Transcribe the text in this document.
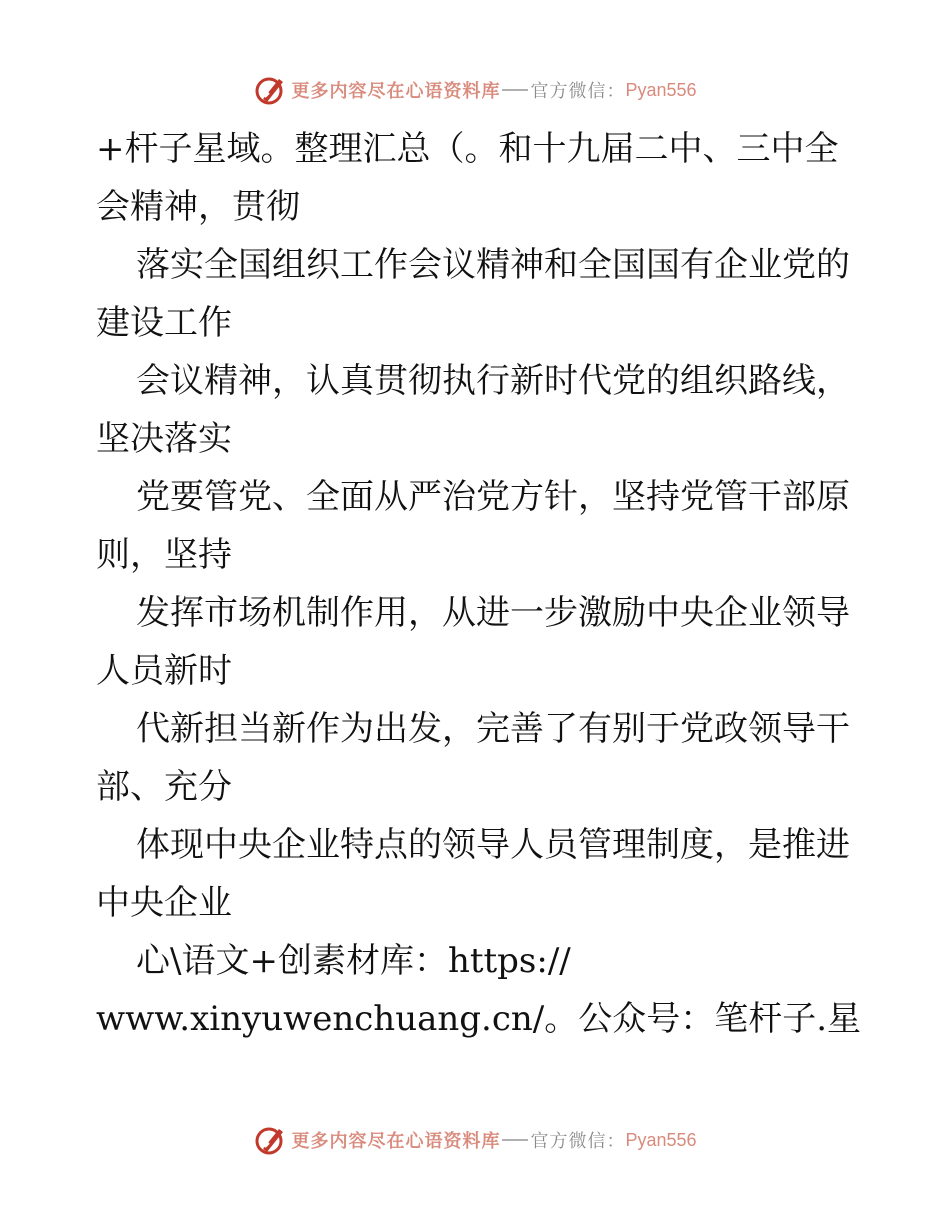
更多内容尽在心语资料库 官方微信： Pyan556
+杆子星域。整理汇总（。和十九届二中、三中全
会精神，贯彻
落实全国组织工作会议精神和全国国有企业党的
建设工作
会议精神，认真贯彻执行新时代党的组织路线，
坚决落实
党要管党、全面从严治党方针，坚持党管干部原
则，坚持
发挥市场机制作用，从进一步激励中央企业领导
人员新时
代新担当新作为出发，完善了有别于党政领导干
部、充分
体现中央企业特点的领导人员管理制度，是推进
中央企业
心\语文+创素材库：https://
www.xinyuwenchuang.cn/。公众号：笔杆子.星
更多内容尽在心语资料库 官方微信： Pyan556
